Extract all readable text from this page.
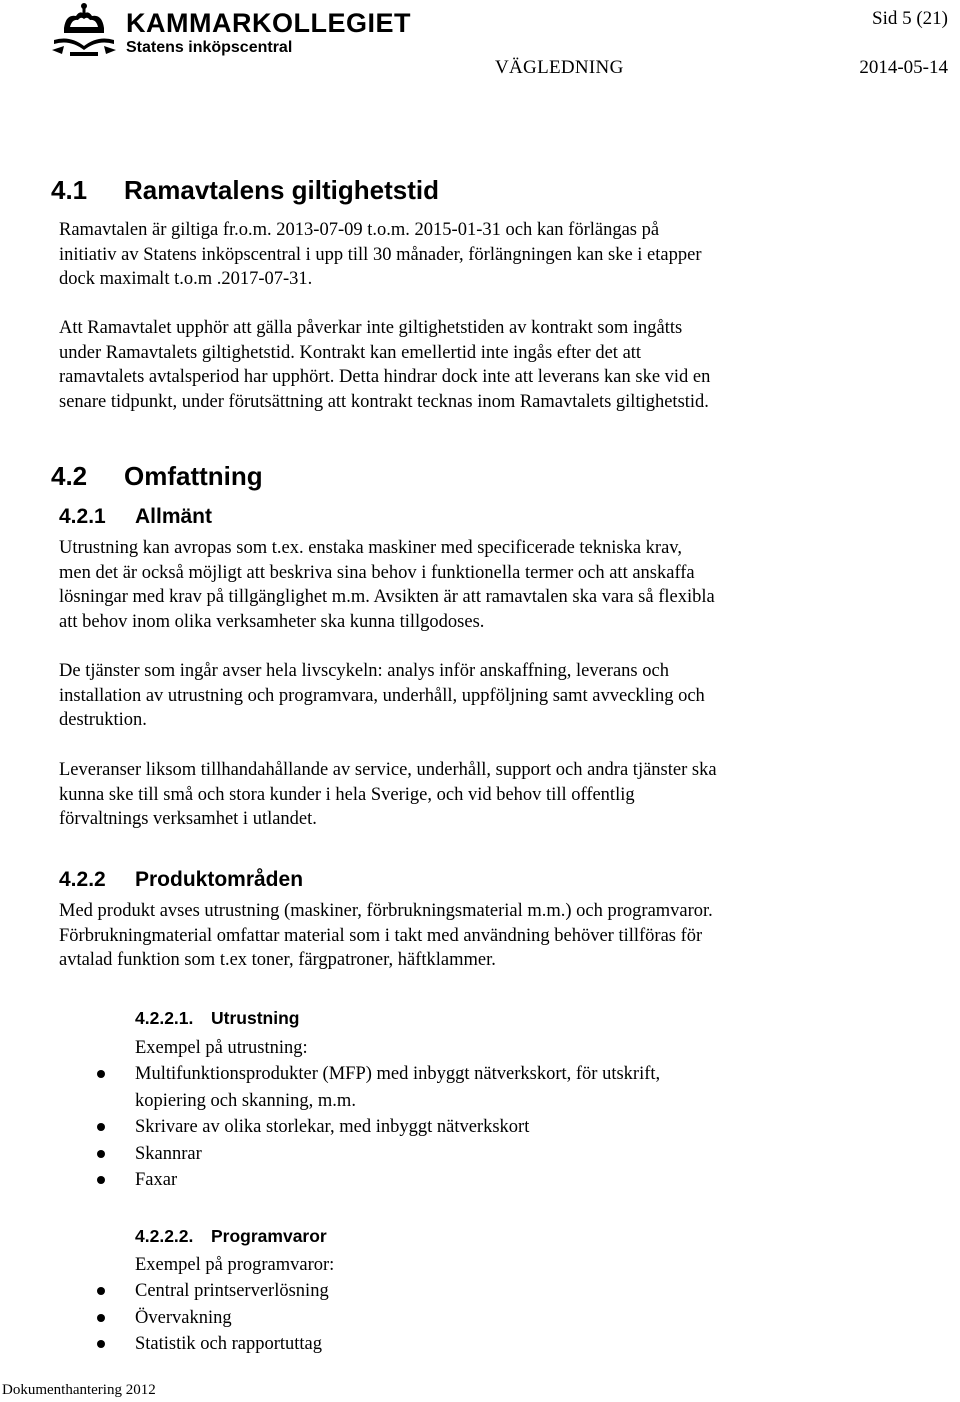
KAMMARKOLLEGIET
Statens inköpscentral
Sid 5 (21)
VÄGLEDNING	2014-05-14
4.1 Ramavtalens giltighetstid
Ramavtalen är giltiga fr.o.m. 2013-07-09 t.o.m. 2015-01-31 och kan förlängas på
initiativ av Statens inköpscentral i upp till 30 månader, förlängningen kan ske i etapper
dock maximalt t.o.m .2017-07-31.
Att Ramavtalet upphör att gälla påverkar inte giltighetstiden av kontrakt som ingåtts
under Ramavtalets giltighetstid. Kontrakt kan emellertid inte ingås efter det att
ramavtalets avtalsperiod har upphört. Detta hindrar dock inte att leverans kan ske vid en
senare tidpunkt, under förutsättning att kontrakt tecknas inom Ramavtalets giltighetstid.
4.2 Omfattning
4.2.1 Allmänt
Utrustning kan avropas som t.ex. enstaka maskiner med specificerade tekniska krav,
men det är också möjligt att beskriva sina behov i funktionella termer och att anskaffa
lösningar med krav på tillgänglighet m.m. Avsikten är att ramavtalen ska vara så flexibla
att behov inom olika verksamheter ska kunna tillgodoses.
De tjänster som ingår avser hela livscykeln: analys inför anskaffning, leverans och
installation av utrustning och programvara, underhåll, uppföljning samt avveckling och
destruktion.
Leveranser liksom tillhandahållande av service, underhåll, support och andra tjänster ska
kunna ske till små och stora kunder i hela Sverige, och vid behov till offentlig
förvaltnings verksamhet i utlandet.
4.2.2 Produktområden
Med produkt avses utrustning (maskiner, förbrukningsmaterial m.m.) och programvaror.
Förbrukningmaterial omfattar material som i takt med användning behöver tillföras för
avtalad funktion som t.ex toner, färgpatroner, häftklammer.
4.2.2.1. Utrustning
Exempel på utrustning:
Multifunktionsprodukter (MFP) med inbyggt nätverkskort, för utskrift,
kopiering och skanning, m.m.
Skrivare av olika storlekar, med inbyggt nätverkskort
Skannrar
Faxar
4.2.2.2. Programvaror
Exempel på programvaror:
Central printserverlösning
Övervakning
Statistik och rapportuttag
Dokumenthantering 2012
